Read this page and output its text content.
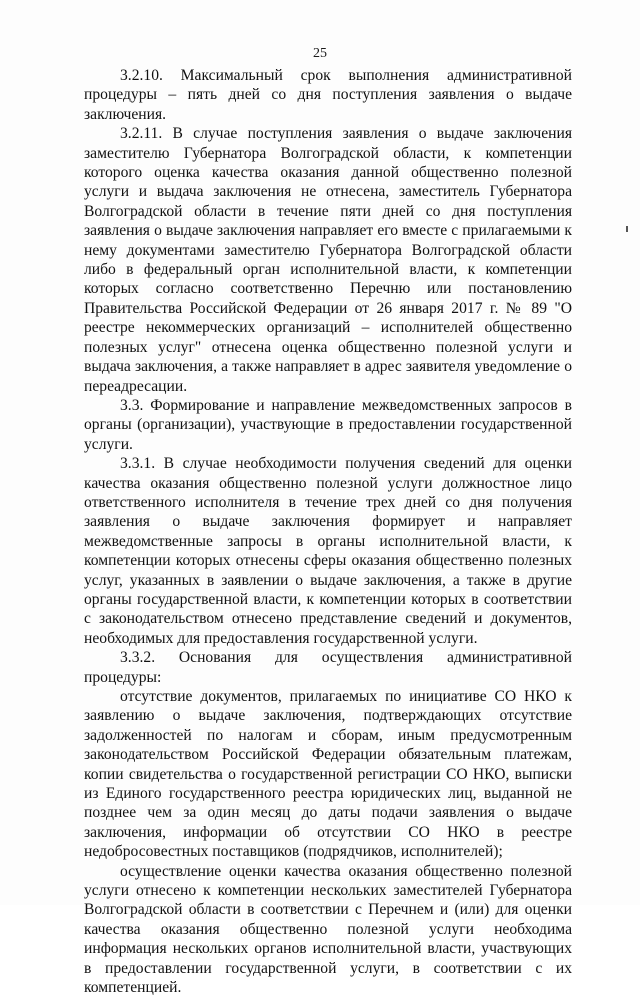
25

3.2.10. Максимальный срок выполнения административной процедуры – пять дней со дня поступления заявления о выдаче заключения.

3.2.11. В случае поступления заявления о выдаче заключения заместителю Губернатора Волгоградской области, к компетенции которого оценка качества оказания данной общественно полезной услуги и выдача заключения не отнесена, заместитель Губернатора Волгоградской области в течение пяти дней со дня поступления заявления о выдаче заключения направляет его вместе с прилагаемыми к нему документами заместителю Губернатора Волгоградской области либо в федеральный орган исполнительной власти, к компетенции которых согласно соответственно Перечню или постановлению Правительства Российской Федерации от 26 января 2017 г. № 89 "О реестре некоммерческих организаций – исполнителей общественно полезных услуг" отнесена оценка общественно полезной услуги и выдача заключения, а также направляет в адрес заявителя уведомление о переадресации.

3.3. Формирование и направление межведомственных запросов в органы (организации), участвующие в предоставлении государственной услуги.

3.3.1. В случае необходимости получения сведений для оценки качества оказания общественно полезной услуги должностное лицо ответственного исполнителя в течение трех дней со дня получения заявления о выдаче заключения формирует и направляет межведомственные запросы в органы исполнительной власти, к компетенции которых отнесены сферы оказания общественно полезных услуг, указанных в заявлении о выдаче заключения, а также в другие органы государственной власти, к компетенции которых в соответствии с законодательством отнесено представление сведений и документов, необходимых для предоставления государственной услуги.

3.3.2. Основания для осуществления административной процедуры:

отсутствие документов, прилагаемых по инициативе СО НКО к заявлению о выдаче заключения, подтверждающих отсутствие задолженностей по налогам и сборам, иным предусмотренным законодательством Российской Федерации обязательным платежам, копии свидетельства о государственной регистрации СО НКО, выписки из Единого государственного реестра юридических лиц, выданной не позднее чем за один месяц до даты подачи заявления о выдаче заключения, информации об отсутствии СО НКО в реестре недобросовестных поставщиков (подрядчиков, исполнителей);

осуществление оценки качества оказания общественно полезной услуги отнесено к компетенции нескольких заместителей Губернатора Волгоградской области в соответствии с Перечнем и (или) для оценки качества оказания общественно полезной услуги необходима информация нескольких органов исполнительной власти, участвующих в предоставлении государственной услуги, в соответствии с их компетенцией.
